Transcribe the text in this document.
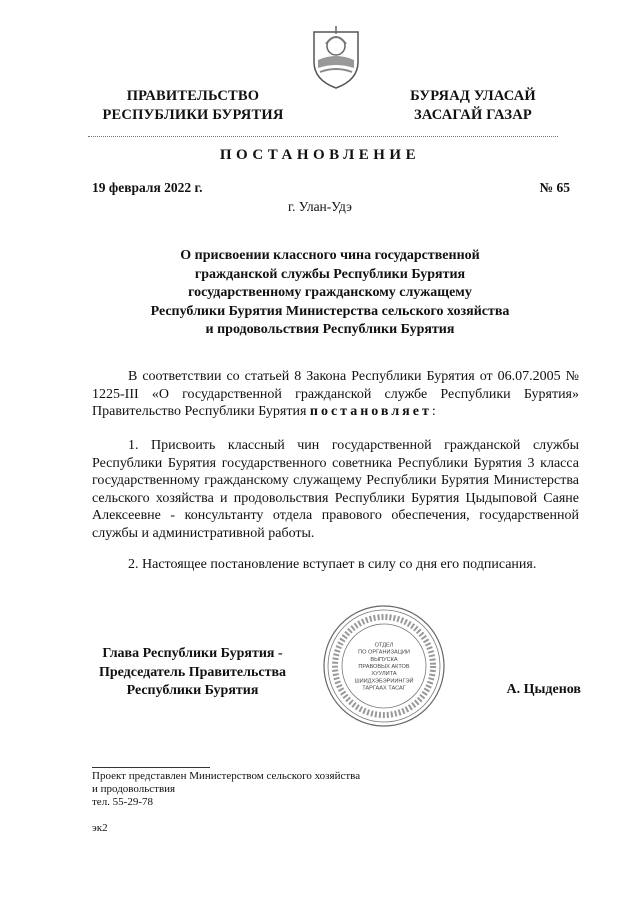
ПРАВИТЕЛЬСТВО
РЕСПУБЛИКИ БУРЯТИЯ
БУРЯАД УЛАСАЙ
ЗАСАГАЙ ГАЗАР
ПОСТАНОВЛЕНИЕ
19 февраля 2022 г.	№ 65
г. Улан-Удэ
О присвоении классного чина государственной
гражданской службы Республики Бурятия
государственному гражданскому служащему
Республики Бурятия Министерства сельского хозяйства
и продовольствия Республики Бурятия
В соответствии со статьей 8 Закона Республики Бурятия от 06.07.2005 № 1225-III «О государственной гражданской службе Республики Бурятия» Правительство Республики Бурятия постановляет:
1. Присвоить классный чин государственной гражданской службы Республики Бурятия государственного советника Республики Бурятия 3 класса государственному гражданскому служащему Республики Бурятия Министерства сельского хозяйства и продовольствия Республики Бурятия Цыдыповой Саяне Алексеевне - консультанту отдела правового обеспечения, государственной службы и административной работы.
2. Настоящее постановление вступает в силу со дня его подписания.
Глава Республики Бурятия -
Председатель Правительства
Республики Бурятия
ОТДЕЛ
ПО ОРГАНИЗАЦИИ
ВЫПУСКА
ПРАВОВЫХ АКТОВ
ХУУЛИТА
ШИИДХЭБЭРИИНГЭЙ
ТАРГААХ ТАСАГ	А. Цыденов
Проект представлен Министерством сельского хозяйства
и продовольствия
тел. 55-29-78
эк2
